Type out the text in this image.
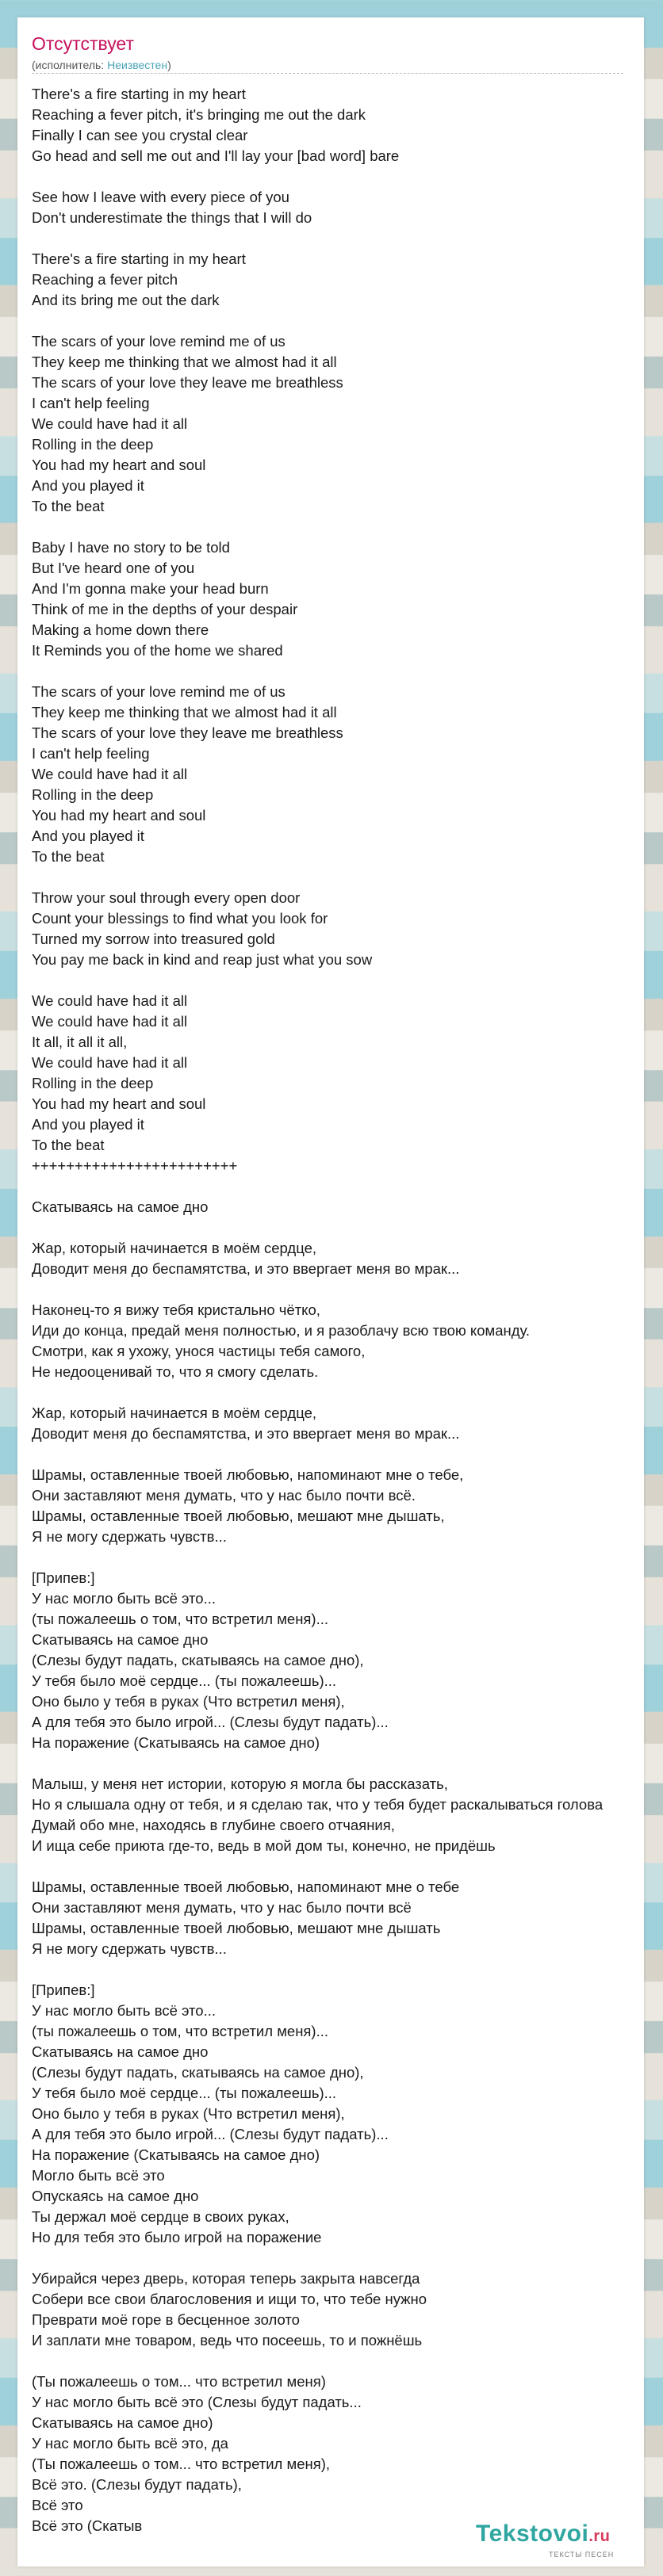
Отсутствует
(исполнитель: Неизвестен)
There's a fire starting in my heart
Reaching a fever pitch, it's bringing me out the dark
Finally I can see you crystal clear
Go head and sell me out and I'll lay your [bad word] bare
See how I leave with every piece of you
Don't underestimate the things that I will do
There's a fire starting in my heart
Reaching a fever pitch
And its bring me out the dark
The scars of your love remind me of us
They keep me thinking that we almost had it all
The scars of your love they leave me breathless
I can't help feeling
We could have had it all
Rolling in the deep
You had my heart and soul
And you played it
To the beat
Baby I have no story to be told
But I've heard one of you
And I'm gonna make your head burn
Think of me in the depths of your despair
Making a home down there
It Reminds you of the home we shared
The scars of your love remind me of us
They keep me thinking that we almost had it all
The scars of your love they leave me breathless
I can't help feeling
We could have had it all
Rolling in the deep
You had my heart and soul
And you played it
To the beat
Throw your soul through every open door
Count your blessings to find what you look for
Turned my sorrow into treasured gold
You pay me back in kind and reap just what you sow
We could have had it all
We could have had it all
It all, it all it all,
We could have had it all
Rolling in the deep
You had my heart and soul
And you played it
To the beat
++++++++++++++++++++++++
Скатываясь на самое дно
Жар, который начинается в моём сердце,
Доводит меня до беспамятства, и это ввергает меня во мрак...
Наконец-то я вижу тебя кристально чётко,
Иди до конца, предай меня полностью, и я разоблачу всю твою команду.
Смотри, как я ухожу, унося частицы тебя самого,
Не недооценивай то, что я смогу сделать.
Жар, который начинается в моём сердце,
Доводит меня до беспамятства, и это ввергает меня во мрак...
Шрамы, оставленные твоей любовью, напоминают мне о тебе,
Они заставляют меня думать, что у нас было почти всё.
Шрамы, оставленные твоей любовью, мешают мне дышать,
Я не могу сдержать чувств...
[Припев:]
У нас могло быть всё это...
(ты пожалеешь о том, что встретил меня)...
Скатываясь на самое дно
(Слезы будут падать, скатываясь на самое дно),
У тебя было моё сердце... (ты пожалеешь)...
Оно было у тебя в руках (Что встретил меня),
А для тебя это было игрой... (Слезы будут падать)...
На поражение (Скатываясь на самое дно)
Малыш, у меня нет истории, которую я могла бы рассказать,
Но я слышала одну от тебя, и я сделаю так, что у тебя будет раскалываться голова
Думай обо мне, находясь в глубине своего отчаяния,
И ища себе приюта где-то, ведь в мой дом ты, конечно, не придёшь
Шрамы, оставленные твоей любовью, напоминают мне о тебе
Они заставляют меня думать, что у нас было почти всё
Шрамы, оставленные твоей любовью, мешают мне дышать
Я не могу сдержать чувств...
[Припев:]
У нас могло быть всё это...
(ты пожалеешь о том, что встретил меня)...
Скатываясь на самое дно
(Слезы будут падать, скатываясь на самое дно),
У тебя было моё сердце... (ты пожалеешь)...
Оно было у тебя в руках (Что встретил меня),
А для тебя это было игрой... (Слезы будут падать)...
На поражение (Скатываясь на самое дно)
Могло быть всё это
Опускаясь на самое дно
Ты держал моё сердце в своих руках,
Но для тебя это было игрой на поражение
Убирайся через дверь, которая теперь закрыта навсегда
Собери все свои благословения и ищи то, что тебе нужно
Преврати моё горе в бесценное золото
И заплати мне товаром, ведь что посеешь, то и пожнёшь
(Ты пожалеешь о том... что встретил меня)
У нас могло быть всё это (Слезы будут падать...
Скатываясь на самое дно)
У нас могло быть всё это, да
(Ты пожалеешь о том... что встретил меня),
Всё это. (Слезы будут падать),
Всё это
Всё это (Скатыв	Tekstovoi.ru
ТЕКСТЫ ПЕСЕН
